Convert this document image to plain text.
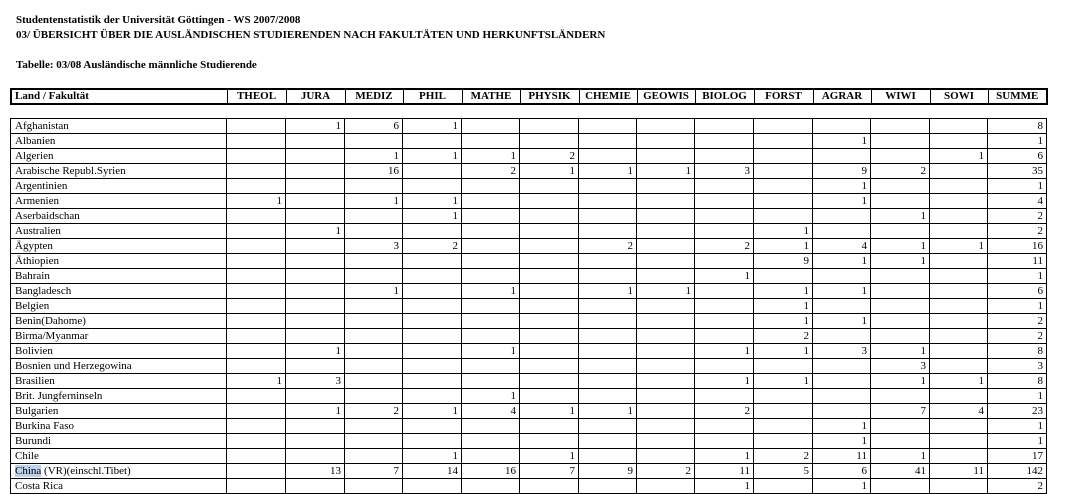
Studentenstatistik der Universität Göttingen - WS 2007/2008
03/ ÜBERSICHT ÜBER DIE AUSLÄNDISCHEN STUDIERENDEN NACH FAKULTÄTEN UND HERKUNFTSLÄNDERN
Tabelle: 03/08 Ausländische männliche Studierende
Land / Fakultät	THEOL	JURA	MEDIZ	PHIL	MATHE	PHYSIK	CHEMIE	GEOWIS	BIOLOG	FORST	AGRAR	WIWI	SOWI	SUMME
Afghanistan		1	6	1										8
Albanien											1			1
Algerien			1	1	1	2							1	6
Arabische Republ.Syrien			16		2	1	1	1	3		9	2		35
Argentinien											1			1
Armenien	1		1	1							1			4
Aserbaidschan				1								1		2
Australien		1								1				2
Ägypten			3	2			2		2	1	4	1	1	16
Äthiopien										9	1	1		11
Bahrain									1					1
Bangladesch			1		1		1	1		1	1			6
Belgien										1				1
Benin(Dahome)										1	1			2
Birma/Myanmar										2				2
Bolivien		1			1				1	1	3	1		8
Bosnien und Herzegowina												3		3
Brasilien	1	3							1	1		1	1	8
Brit. Jungferninseln					1									1
Bulgarien		1	2	1	4	1	1		2			7	4	23
Burkina Faso											1			1
Burundi											1			1
Chile				1		1			1	2	11	1		17
China (VR)(einschl.Tibet)		13	7	14	16	7	9	2	11	5	6	41	11	142
Costa Rica									1		1			2
